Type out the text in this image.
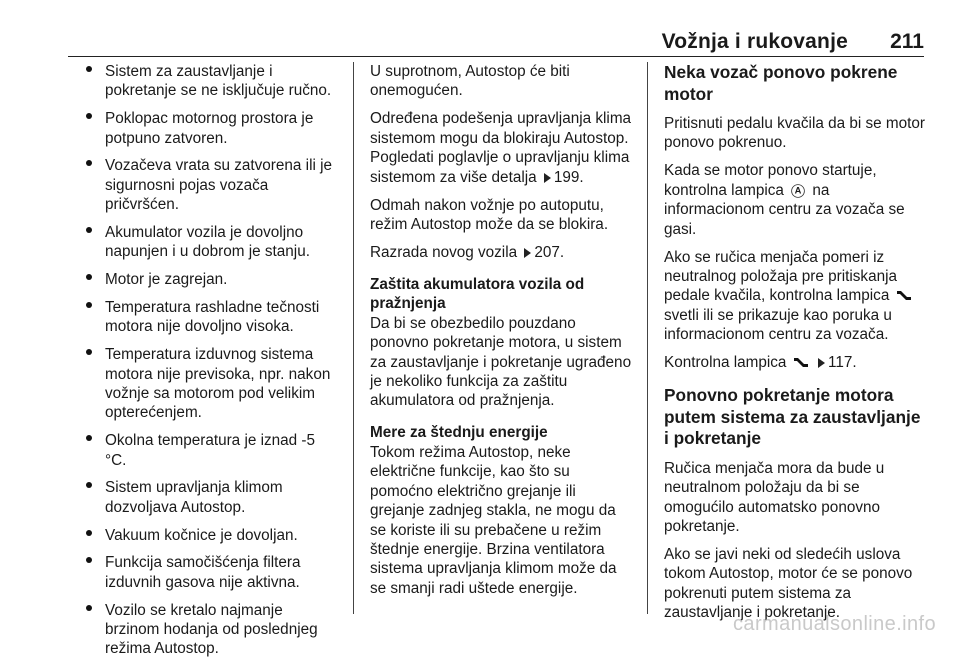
Vožnja i rukovanje 211
Sistem za zaustavljanje i pokretanje se ne isključuje ručno.
Poklopac motornog prostora je potpuno zatvoren.
Vozačeva vrata su zatvorena ili je sigurnosni pojas vozača pričvršćen.
Akumulator vozila je dovoljno napunjen i u dobrom je stanju.
Motor je zagrejan.
Temperatura rashladne tečnosti motora nije dovoljno visoka.
Temperatura izduvnog sistema motora nije previsoka, npr. nakon vožnje sa motorom pod velikim opterećenjem.
Okolna temperatura je iznad -5 °C.
Sistem upravljanja klimom dozvoljava Autostop.
Vakuum kočnice je dovoljan.
Funkcija samočišćenja filtera izduvnih gasova nije aktivna.
Vozilo se kretalo najmanje brzinom hodanja od poslednjeg režima Autostop.

U suprotnom, Autostop će biti onemogućen.

Određena podešenja upravljanja klima sistemom mogu da blokiraju Autostop. Pogledati poglavlje o upravljanju klima sistemom za više detalja 199.

Odmah nakon vožnje po autoputu, režim Autostop može da se blokira.

Razrada novog vozila 207.

Zaštita akumulatora vozila od pražnjenja

Da bi se obezbedilo pouzdano ponovno pokretanje motora, u sistem za zaustavljanje i pokretanje ugrađeno je nekoliko funkcija za zaštitu akumulatora od pražnjenja.

Mere za štednju energije

Tokom režima Autostop, neke električne funkcije, kao što su pomoćno električno grejanje ili grejanje zadnjeg stakla, ne mogu da se koriste ili su prebačene u režim štednje energije. Brzina ventilatora sistema upravljanja klimom može da se smanji radi uštede energije.

Neka vozač ponovo pokrene motor

Pritisnuti pedalu kvačila da bi se motor ponovo pokrenuo.

Kada se motor ponovo startuje, kontrolna lampica A na informacionom centru za vozača se gasi.

Ako se ručica menjača pomeri iz neutralnog položaja pre pritiskanja pedale kvačila, kontrolna lampica  svetli ili se prikazuje kao poruka u informacionom centru za vozača.

Kontrolna lampica	117.

Ponovno pokretanje motora putem sistema za zaustavljanje i pokretanje

Ručica menjača mora da bude u neutralnom položaju da bi se omogućilo automatsko ponovno pokretanje.

Ako se javi neki od sledećih uslova tokom Autostop, motor će se ponovo pokrenuti putem sistema za zaustavljanje i pokretanje.

carmanualsonline.info
